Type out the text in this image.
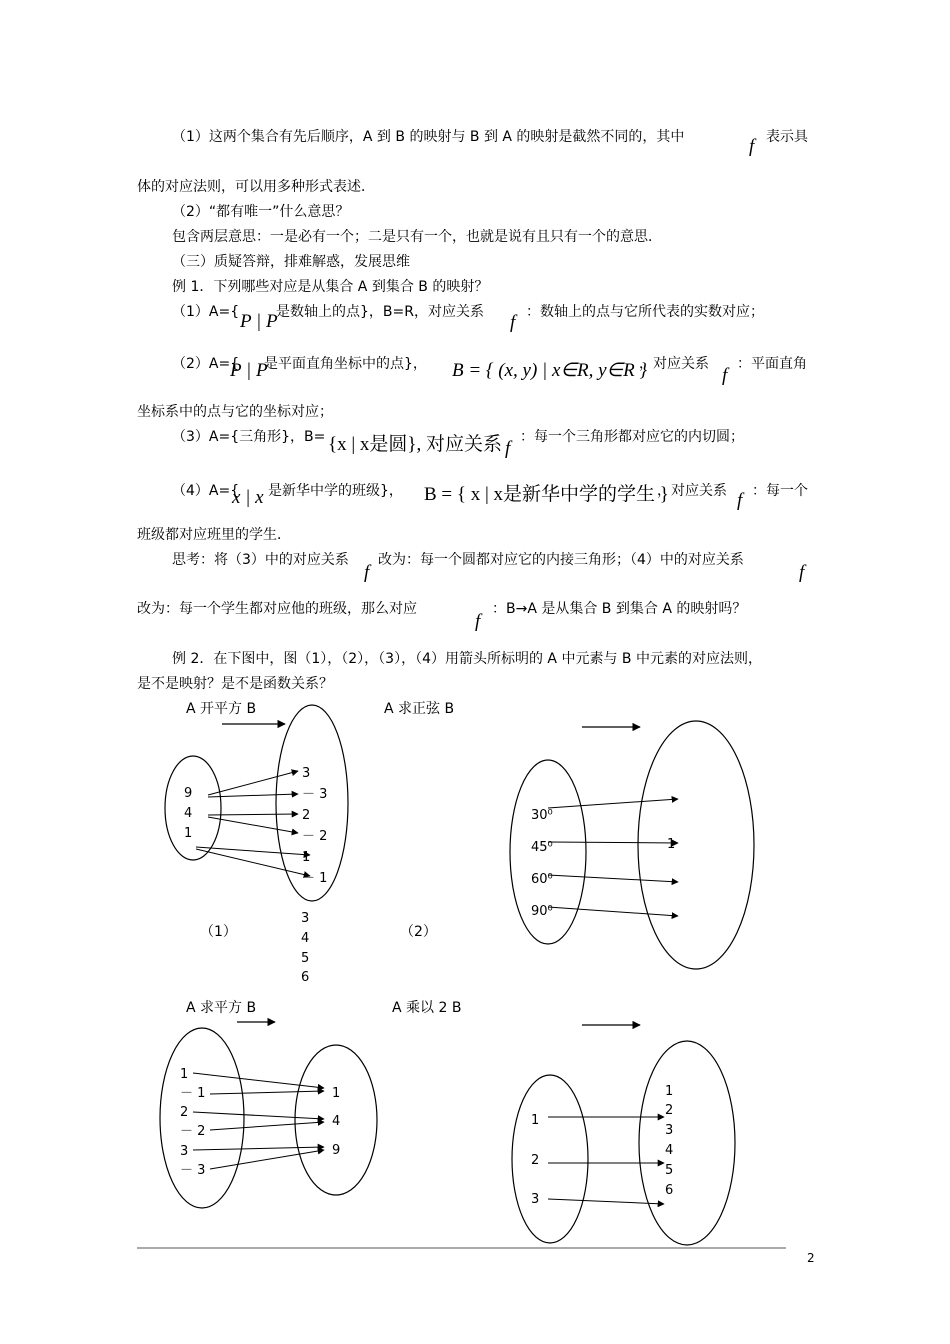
（1）这两个集合有先后顺序，A 到 B 的映射与 B 到 A 的映射是截然不同的，其中	f 表示具
体的对应法则，可以用多种形式表述．
（2）“都有唯一”什么意思？
包含两层意思：一是必有一个；二是只有一个，也就是说有且只有一个的意思．
（三）质疑答辩，排难解惑，发展思维
例 1．下列哪些对应是从集合 A 到集合 B 的映射？
（1）A={ P | P
是数轴上的点}，B=R，对应关系 f ：数轴上的点与它所代表的实数对应；
（2）A={
P | P
是平面直角坐标中的点}， B = { (x, y) | x∈R, y∈R }
，对应关系
f
：平面直角
坐标系中的点与它的坐标对应；
（3）A={三角形}，B= {x | x是圆}, 对应关系 f
：每一个三角形都对应它的内切圆；
（4）A={
x | x 是新华中学的班级}， B = { x | x是新华中学的学生 }
，对应关系 f ：每一个
班级都对应班里的学生．
思考：将（3）中的对应关系
f
改为：每一个圆都对应它的内接三角形；（4）中的对应关系
f
改为：每一个学生都对应他的班级，那么对应
f
：B→A 是从集合 B 到集合 A 的映射吗？
例 2．在下图中，图（1），（2），（3），（4）用箭头所标明的 A 中元素与 B 中元素的对应法则，
是不是映射？是不是函数关系？
A 开平方 B
9
4
1
3
－ 3
2
－ 2
1
－ 1
（1）
3
4
5
6
A 求正弦 B
30⁰
45⁰
60⁰
90⁰
1
（2）
A 求平方 B
1
－ 1
2
－ 2
3
－ 3
1
4
9
A 乘以 2 B
1
2
3
1
2
3
4
5
6
2
